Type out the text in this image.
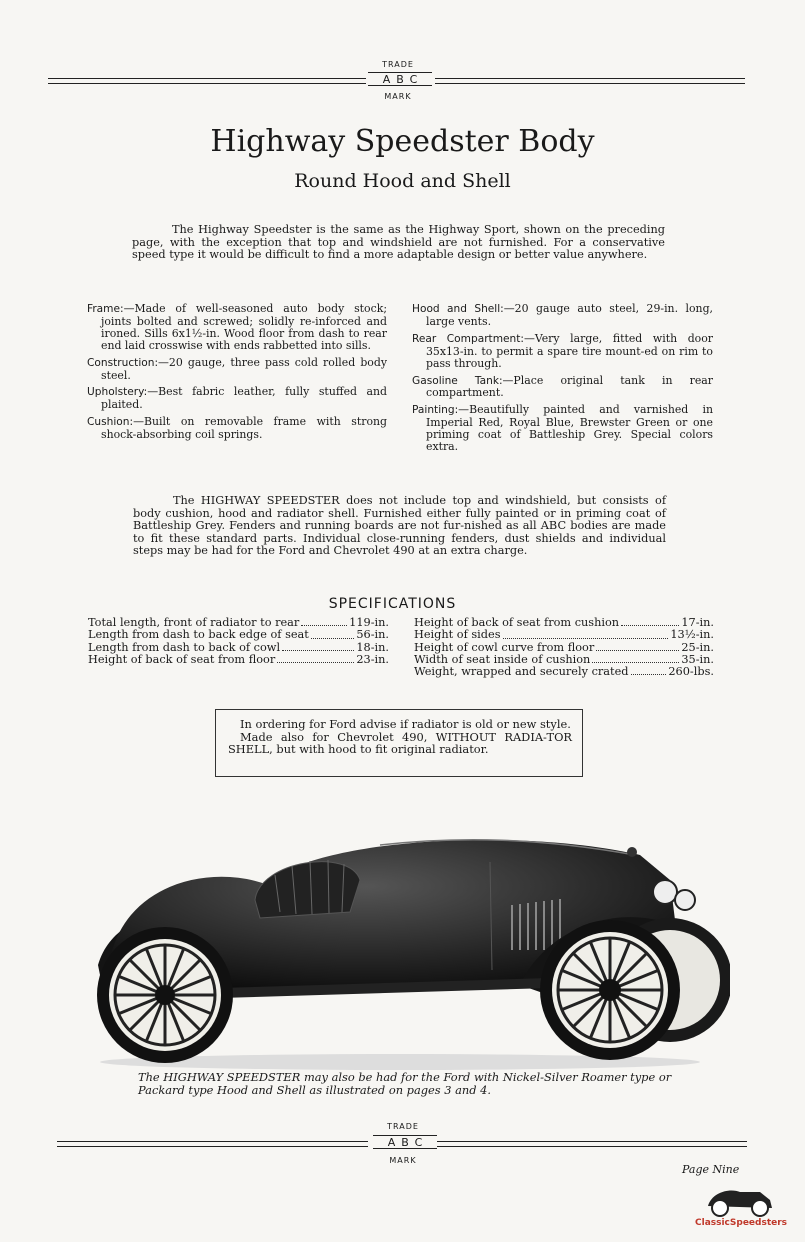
TRADE
ABC
MARK
Highway Speedster Body
Round Hood and Shell
The Highway Speedster is the same as the Highway Sport, shown on the preceding page, with the exception that top and windshield are not furnished. For a conservative speed type it would be difficult to find a more adaptable design or better value anywhere.
Frame:—Made of well-seasoned auto body stock; joints bolted and screwed; solidly re-inforced and ironed. Sills 6x1½-in. Wood floor from dash to rear end laid crosswise with ends rabbetted into sills.
Construction:—20 gauge, three pass cold rolled body steel.
Upholstery:—Best fabric leather, fully stuffed and plaited.
Cushion:—Built on removable frame with strong shock-absorbing coil springs.
Hood and Shell:—20 gauge auto steel, 29-in. long, large vents.
Rear Compartment:—Very large, fitted with door 35x13-in. to permit a spare tire mount-ed on rim to pass through.
Gasoline Tank:—Place original tank in rear compartment.
Painting:—Beautifully painted and varnished in Imperial Red, Royal Blue, Brewster Green or one priming coat of Battleship Grey. Special colors extra.
The HIGHWAY SPEEDSTER does not include top and windshield, but consists of body cushion, hood and radiator shell. Furnished either fully painted or in priming coat of Battleship Grey. Fenders and running boards are not fur-nished as all ABC bodies are made to fit these standard parts. Individual close-running fenders, dust shields and individual steps may be had for the Ford and Chevrolet 490 at an extra charge.
SPECIFICATIONS
Total length, front of radiator to rear	119-in.
Length from dash to back edge of seat	56-in.
Length from dash to back of cowl	18-in.
Height of back of seat from floor	23-in.
Height of back of seat from cushion	17-in.
Height of sides	13½-in.
Height of cowl curve from floor	25-in.
Width of seat inside of cushion	35-in.
Weight, wrapped and securely crated	260-lbs.
In ordering for Ford advise if radiator is old or new style.
Made also for Chevrolet 490, WITHOUT RADIA-TOR SHELL, but with hood to fit original radiator.
The HIGHWAY SPEEDSTER may also be had for the Ford with Nickel-Silver Roamer type or Packard type Hood and Shell as illustrated on pages 3 and 4.
TRADE
ABC
MARK
Page Nine
ClassicSpeedsters
